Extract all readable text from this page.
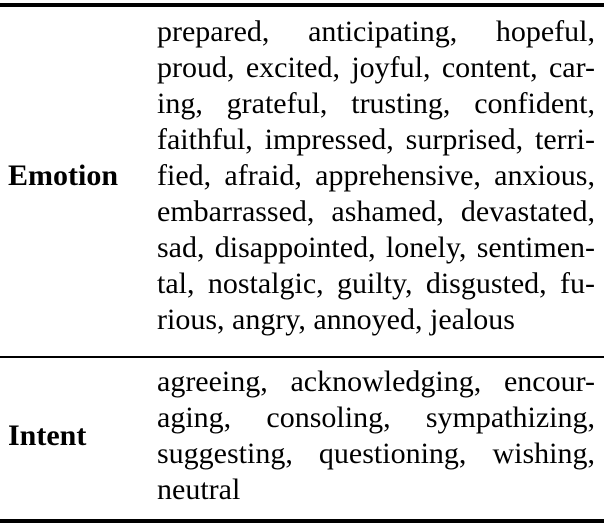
Emotion
prepared, anticipating, hopeful,
proud, excited, joyful, content, car-
ing, grateful, trusting, confident,
faithful, impressed, surprised, terri-
fied, afraid, apprehensive, anxious,
embarrassed, ashamed, devastated,
sad, disappointed, lonely, sentimen-
tal, nostalgic, guilty, disgusted, fu-
rious, angry, annoyed, jealous
Intent
agreeing, acknowledging, encour-
aging, consoling, sympathizing,
suggesting, questioning, wishing,
neutral
